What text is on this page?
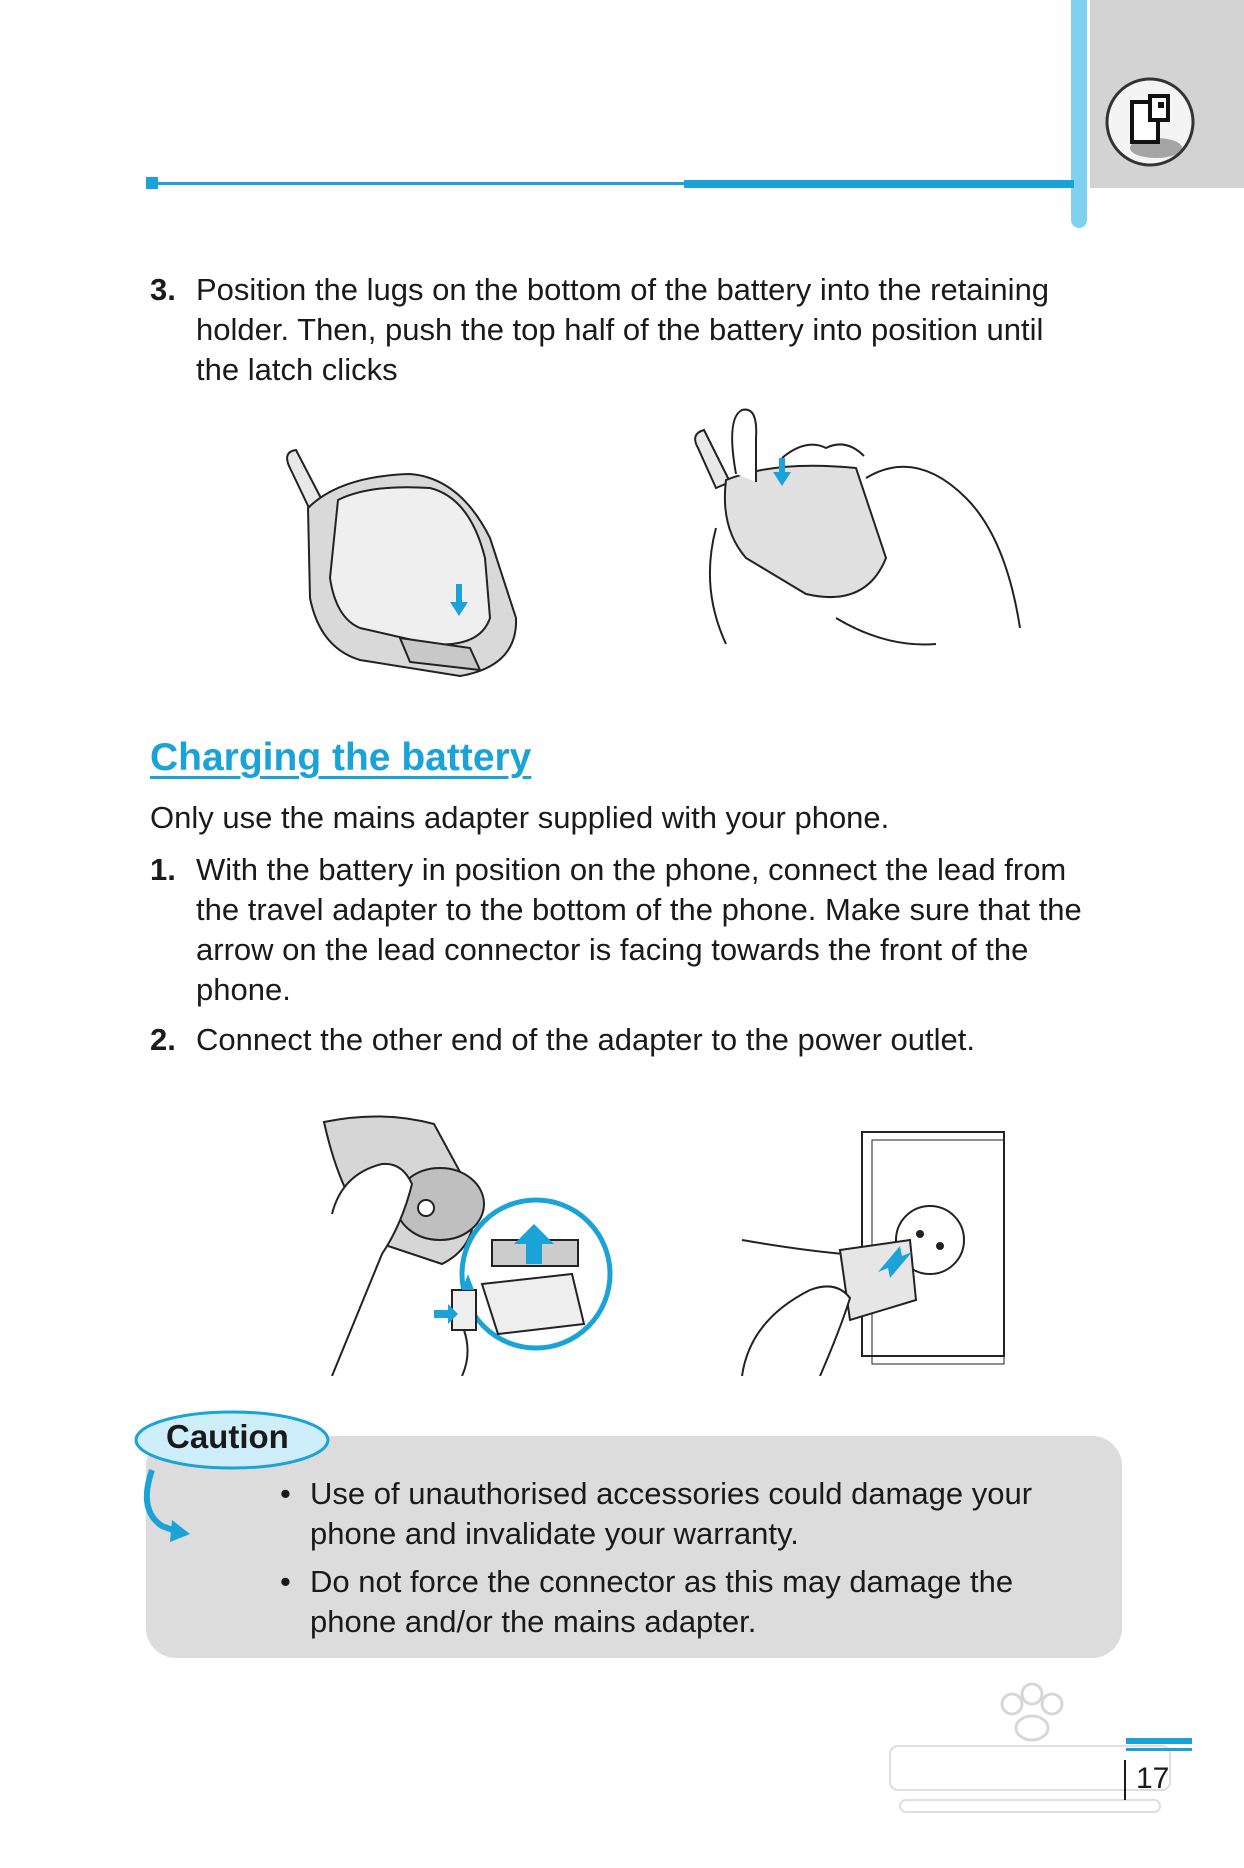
3. Position the lugs on the bottom of the battery into the retaining
holder. Then, push the top half of the battery into position until
the latch clicks
Charging the battery
Only use the mains adapter supplied with your phone.
1. With the battery in position on the phone, connect the lead from
the travel adapter to the bottom of the phone. Make sure that the
arrow on the lead connector is facing towards the front of the
phone.
2. Connect the other end of the adapter to the power outlet.
Caution
• Use of unauthorised accessories could damage your
phone and invalidate your warranty.
• Do not force the connector as this may damage the
phone and/or the mains adapter.
17
